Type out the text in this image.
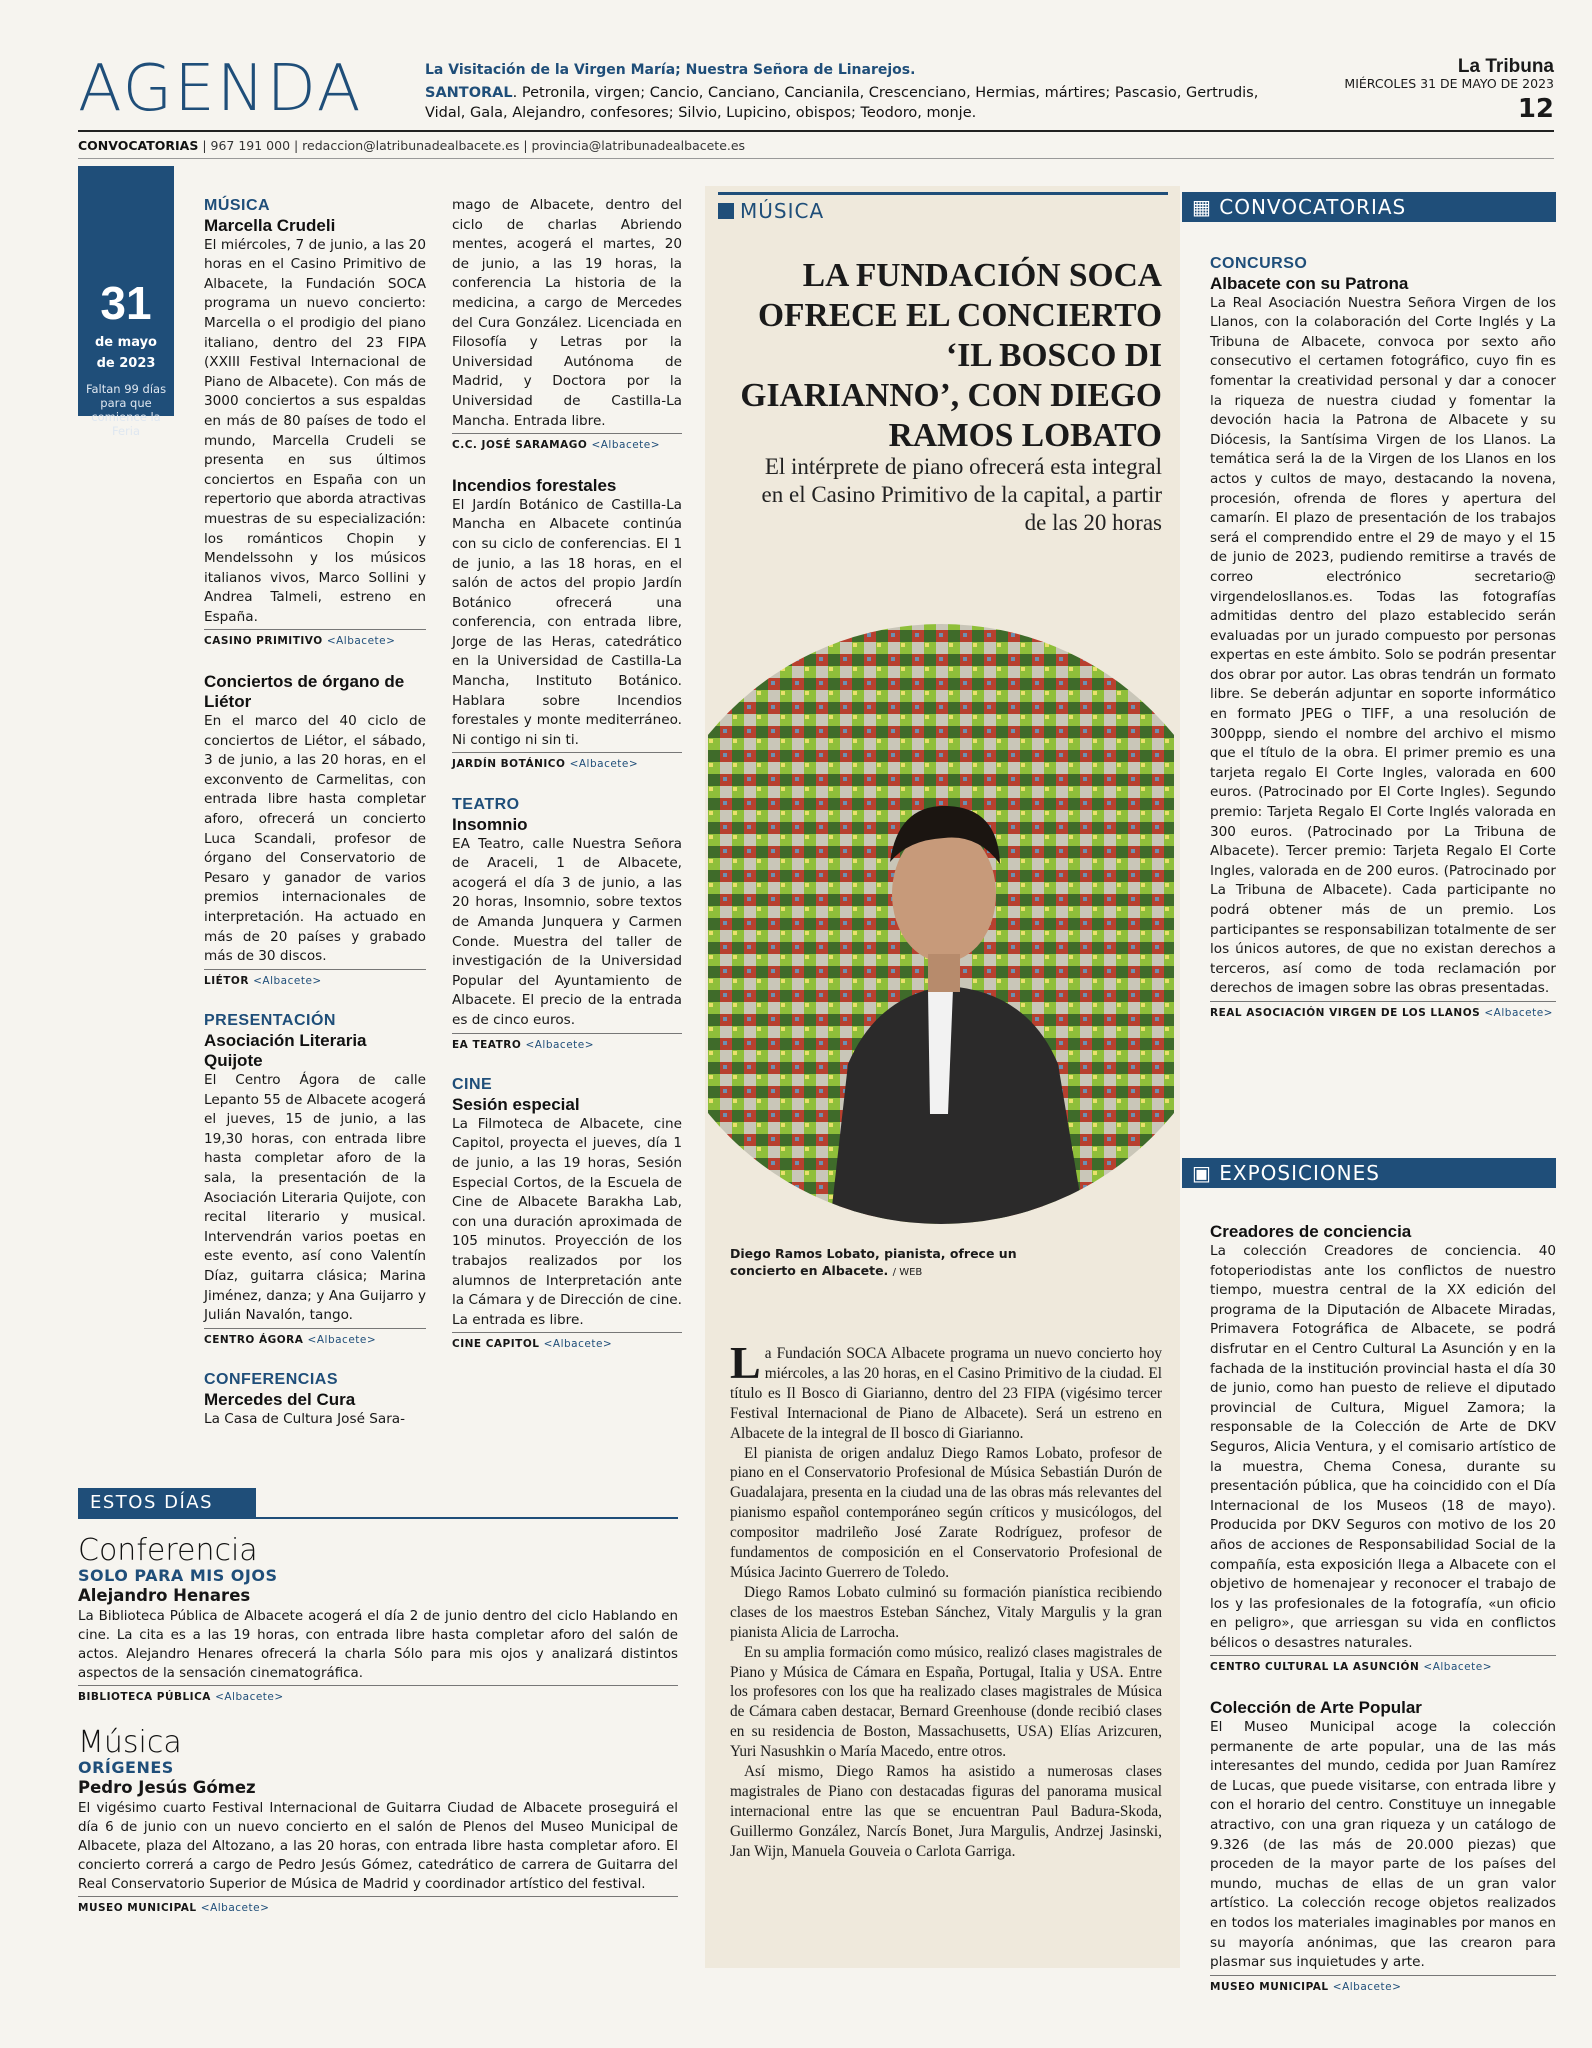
AGENDA	La Visitación de la Virgen María; Nuestra Señora de Linarejos.
SANTORAL. Petronila, virgen; Cancio, Canciano, Cancianila, Crescenciano, Hermias, mártires; Pascasio, Gertrudis, Vidal, Gala, Alejandro, confesores; Silvio, Lupicino, obispos; Teodoro, monje.
La Tribuna
MIÉRCOLES 31 DE MAYO DE 2023
12
CONVOCATORIAS | 967 191 000 | redaccion@latribunadealbacete.es | provincia@latribunadealbacete.es
31
de mayo
de 2023
Faltan 99 días para que comience la Feria
MÚSICA
Marcella Crudeli

El miércoles, 7 de junio, a las 20 horas en el Casino Primitivo de Albacete, la Fundación SOCA programa un nuevo concierto: Marcella o el prodigio del piano italiano, dentro del 23 FIPA (XXIII Festival Internacional de Piano de Albacete). Con más de 3000 conciertos a sus espaldas en más de 80 países de todo el mundo, Marcella Crudeli se presenta en sus últimos conciertos en España con un repertorio que aborda atractivas muestras de su especialización: los románticos Chopin y Mendelssohn y los músicos italianos vivos, Marco Sollini y Andrea Talmeli, estreno en España.

CASINO PRIMITIVO <Albacete>
Conciertos de órgano de Liétor

En el marco del 40 ciclo de conciertos de Liétor, el sábado, 3 de junio, a las 20 horas, en el exconvento de Carmelitas, con entrada libre hasta completar aforo, ofrecerá un concierto Luca Scandali, profesor de órgano del Conservatorio de Pesaro y ganador de varios premios internacionales de interpretación. Ha actuado en más de 20 países y grabado más de 30 discos.

LIÉTOR <Albacete>
PRESENTACIÓN
Asociación Literaria Quijote

El Centro Ágora de calle Lepanto 55 de Albacete acogerá el jueves, 15 de junio, a las 19,30 horas, con entrada libre hasta completar aforo de la sala, la presentación de la Asociación Literaria Quijote, con recital literario y musical. Intervendrán varios poetas en este evento, así cono Valentín Díaz, guitarra clásica; Marina Jiménez, danza; y Ana Guijarro y Julián Navalón, tango.

CENTRO ÁGORA <Albacete>
CONFERENCIAS
Mercedes del Cura

La Casa de Cultura José Sara-

mago de Albacete, dentro del ciclo de charlas Abriendo mentes, acogerá el martes, 20 de junio, a las 19 horas, la conferencia La historia de la medicina, a cargo de Mercedes del Cura González. Licenciada en Filosofía y Letras por la Universidad Autónoma de Madrid, y Doctora por la Universidad de Castilla-La Mancha. Entrada libre.

C.C. JOSÉ SARAMAGO <Albacete>
Incendios forestales

El Jardín Botánico de Castilla-La Mancha en Albacete continúa con su ciclo de conferencias. El 1 de junio, a las 18 horas, en el salón de actos del propio Jardín Botánico ofrecerá una conferencia, con entrada libre, Jorge de las Heras, catedrático en la Universidad de Castilla-La Mancha, Instituto Botánico. Hablara sobre Incendios forestales y monte mediterráneo. Ni contigo ni sin ti.

JARDÍN BOTÁNICO <Albacete>
TEATRO
Insomnio

EA Teatro, calle Nuestra Señora de Araceli, 1 de Albacete, acogerá el día 3 de junio, a las 20 horas, Insomnio, sobre textos de Amanda Junquera y Carmen Conde. Muestra del taller de investigación de la Universidad Popular del Ayuntamiento de Albacete. El precio de la entrada es de cinco euros.

EA TEATRO <Albacete>
CINE
Sesión especial

La Filmoteca de Albacete, cine Capitol, proyecta el jueves, día 1 de junio, a las 19 horas, Sesión Especial Cortos, de la Escuela de Cine de Albacete Barakha Lab, con una duración aproximada de 105 minutos. Proyección de los trabajos realizados por los alumnos de Interpretación ante la Cámara y de Dirección de cine. La entrada es libre.

CINE CAPITOL <Albacete>
MÚSICA
LA FUNDACIÓN SOCA OFRECE EL CONCIERTO ‘IL BOSCO DI GIARIANNO’, CON DIEGO RAMOS LOBATO
El intérprete de piano ofrecerá esta integral en el Casino Primitivo de la capital, a partir de las 20 horas
Diego Ramos Lobato, pianista, ofrece un concierto en Albacete. / WEB

La Fundación SOCA Albacete programa un nuevo concierto hoy miércoles, a las 20 horas, en el Casino Primitivo de la ciudad. El título es Il Bosco di Giarianno, dentro del 23 FIPA (vigésimo tercer Festival Internacional de Piano de Albacete). Será un estreno en Albacete de la integral de Il bosco di Giarianno.

El pianista de origen andaluz Diego Ramos Lobato, profesor de piano en el Conservatorio Profesional de Música Sebastián Durón de Guadalajara, presenta en la ciudad una de las obras más relevantes del pianismo español contemporáneo según críticos y musicólogos, del compositor madrileño José Zarate Rodríguez, profesor de fundamentos de composición en el Conservatorio Profesional de Música Jacinto Guerrero de Toledo.

Diego Ramos Lobato culminó su formación pianística recibiendo clases de los maestros Esteban Sánchez, Vitaly Margulis y la gran pianista Alicia de Larrocha.

En su amplia formación como músico, realizó clases magistrales de Piano y Música de Cámara en España, Portugal, Italia y USA. Entre los profesores con los que ha realizado clases magistrales de Música de Cámara caben destacar, Bernard Greenhouse (donde recibió clases en su residencia de Boston, Massachusetts, USA) Elías Arizcuren, Yuri Nasushkin o María Macedo, entre otros.

Así mismo, Diego Ramos ha asistido a numerosas clases magistrales de Piano con destacadas figuras del panorama musical internacional entre las que se encuentran Paul Badura-Skoda, Guillermo González, Narcís Bonet, Jura Margulis, Andrzej Jasinski, Jan Wijn, Manuela Gouveia o Carlota Garriga.

▦ CONVOCATORIAS
CONCURSO
Albacete con su Patrona

La Real Asociación Nuestra Señora Virgen de los Llanos, con la colaboración del Corte Inglés y La Tribuna de Albacete, convoca por sexto año consecutivo el certamen fotográfico, cuyo fin es fomentar la creatividad personal y dar a conocer la riqueza de nuestra ciudad y fomentar la devoción hacia la Patrona de Albacete y su Diócesis, la Santísima Virgen de los Llanos. La temática será la de la Virgen de los Llanos en los actos y cultos de mayo, destacando la novena, procesión, ofrenda de flores y apertura del camarín. El plazo de presentación de los trabajos será el comprendido entre el 29 de mayo y el 15 de junio de 2023, pudiendo remitirse a través de correo electrónico secretario@ virgendelosllanos.es. Todas las fotografías admitidas dentro del plazo establecido serán evaluadas por un jurado compuesto por personas expertas en este ámbito. Solo se podrán presentar dos obrar por autor. Las obras tendrán un formato libre. Se deberán adjuntar en soporte informático en formato JPEG o TIFF, a una resolución de 300ppp, siendo el nombre del archivo el mismo que el título de la obra. El primer premio es una tarjeta regalo El Corte Ingles, valorada en 600 euros. (Patrocinado por El Corte Ingles). Segundo premio: Tarjeta Regalo El Corte Inglés valorada en 300 euros. (Patrocinado por La Tribuna de Albacete). Tercer premio: Tarjeta Regalo El Corte Ingles, valorada en de 200 euros. (Patrocinado por La Tribuna de Albacete). Cada participante no podrá obtener más de un premio. Los participantes se responsabilizan totalmente de ser los únicos autores, de que no existan derechos a terceros, así como de toda reclamación por derechos de imagen sobre las obras presentadas.

REAL ASOCIACIÓN VIRGEN DE LOS LLANOS <Albacete>
▣ EXPOSICIONES
Creadores de conciencia

La colección Creadores de conciencia. 40 fotoperiodistas ante los conflictos de nuestro tiempo, muestra central de la XX edición del programa de la Diputación de Albacete Miradas, Primavera Fotográfica de Albacete, se podrá disfrutar en el Centro Cultural La Asunción y en la fachada de la institución provincial hasta el día 30 de junio, como han puesto de relieve el diputado provincial de Cultura, Miguel Zamora; la responsable de la Colección de Arte de DKV Seguros, Alicia Ventura, y el comisario artístico de la muestra, Chema Conesa, durante su presentación pública, que ha coincidido con el Día Internacional de los Museos (18 de mayo). Producida por DKV Seguros con motivo de los 20 años de acciones de Responsabilidad Social de la compañía, esta exposición llega a Albacete con el objetivo de homenajear y reconocer el trabajo de los y las profesionales de la fotografía, «un oficio en peligro», que arriesgan su vida en conflictos bélicos o desastres naturales.

CENTRO CULTURAL LA ASUNCIÓN <Albacete>
Colección de Arte Popular

El Museo Municipal acoge la colección permanente de arte popular, una de las más interesantes del mundo, cedida por Juan Ramírez de Lucas, que puede visitarse, con entrada libre y con el horario del centro. Constituye un innegable atractivo, con una gran riqueza y un catálogo de 9.326 (de las más de 20.000 piezas) que proceden de la mayor parte de los países del mundo, muchas de ellas de un gran valor artístico. La colección recoge objetos realizados en todos los materiales imaginables por manos en su mayoría anónimas, que las crearon para plasmar sus inquietudes y arte.

MUSEO MUNICIPAL <Albacete>
ESTOS DÍAS
Conferencia
SOLO PARA MIS OJOS
Alejandro Henares

La Biblioteca Pública de Albacete acogerá el día 2 de junio dentro del ciclo Hablando en cine. La cita es a las 19 horas, con entrada libre hasta completar aforo del salón de actos. Alejandro Henares ofrecerá la charla Sólo para mis ojos y analizará distintos aspectos de la sensación cinematográfica.

BIBLIOTECA PÚBLICA <Albacete>
Música
ORÍGENES
Pedro Jesús Gómez

El vigésimo cuarto Festival Internacional de Guitarra Ciudad de Albacete proseguirá el día 6 de junio con un nuevo concierto en el salón de Plenos del Museo Municipal de Albacete, plaza del Altozano, a las 20 horas, con entrada libre hasta completar aforo. El concierto correrá a cargo de Pedro Jesús Gómez, catedrático de carrera de Guitarra del Real Conservatorio Superior de Música de Madrid y coordinador artístico del festival.

MUSEO MUNICIPAL <Albacete>
